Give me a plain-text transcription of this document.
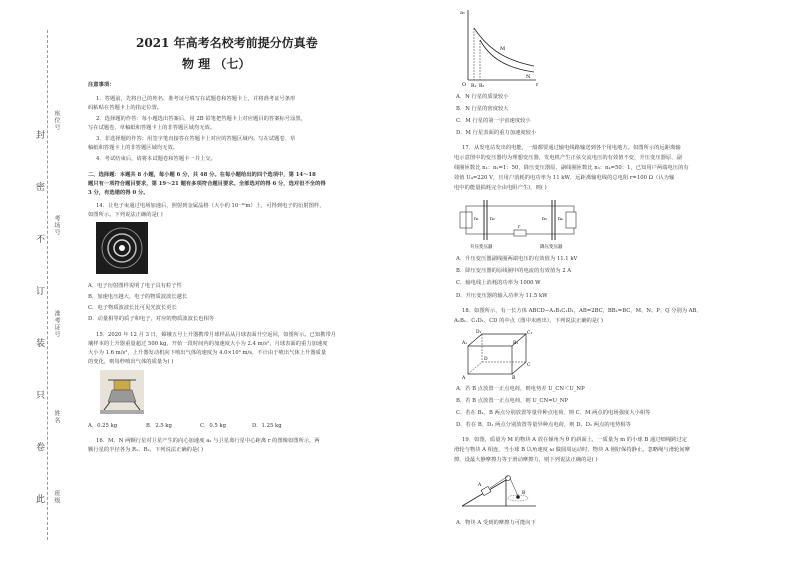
封
密
不
订
装
只
卷
此
座位号
考场号
准考证号
姓名
班级
2021 年高考名校考前提分仿真卷
物 理 （七）
注意事项：
1．答题前，先将自己的姓名、准考证号填写在试题卷和答题卡上，并将准考证号条形
码粘贴在答题卡上的指定位置。
2．选择题的作答：每小题选出答案后，用 2B 铅笔把答题卡上对应题目的答案标号涂黑，
写在试题卷、草稿纸和答题卡上的非答题区域均无效。
3．非选择题的作答：用签字笔直接答在答题卡上对应的答题区域内。写在试题卷、草
稿纸和答题卡上的非答题区域均无效。
4．考试结束后，请将本试题卷和答题卡一并上交。
二、选择题：本题共 8 小题，每小题 6 分，共 48 分。在每小题给出的四个选项中，第 14～18
题只有一项符合题目要求，第 19～21 题有多项符合题目要求。全部选对的得 6 分，选对但不全的得
3 分，有选错的得 0 分。
14．让电子束通过电场加速后，照射到金属晶格（大小约 10⁻¹⁰m）上，可得到电子的衍射图样，
如图所示。下列说法正确的是( )
A．电子衍射图样说明了电子具有粒子性
B．加速电压越大，电子的物质波波长越长
C．电子物质波波长比可见光波长更长
D．动量相等的质子和电子，对应的物质波波长也相等
15．2020 年 12 月 3 日，嫦娥五号上升器携带月球样品从月球表面升空返回，如图所示。已知携带月
壤样本的上升器重量超过 500 kg，开始一段时间内的加速度大小为 2.4 m/s²，月球表面的重力加速度
大小为 1.6 m/s²，上升器发动机向下喷出气体的速度为 4.0×10³ m/s，不计由于喷出气体上升器质量
的变化，则每秒喷出气体的质量为( )
A．0.25 kg	B．2.5 kg	C．0.5 kg	D．1.25 kg
16．M、N 两颗行星对卫星产生的向心加速度 a₁ 与卫星离行星中心距离 r 的图像如图所示，两
颗行星的半径各为 R₁、R₂，下列说法正确的是( )
a₁
r
O R₁ R₂
M
N
A．N 行星的质量较小
B．N 行星的密度较大
C．M 行星的第一宇宙速度较小
D．M 行星表面的重力加速度较小
17．从发电站发出的电能，一般都要通过输电线路输送到各个用电地方。如图所示的远距离输
电示意图中的变压器均为理想变压器，发电机产生正弦交流电压的有效值不变，升压变压器原、副
线圈匝数比 n₁：n₂=1：50，降压变压器原、副线圈匝数比 n₃：n₄=50：1，已知用户两端电压的有
效值 U₄=220 V，且用户消耗的电功率为 11 kW，远距离输电线的总电阻 r=100 Ω（认为输
电中的能量损耗完全由电阻产生)，则( )
n₁	n₂	n₃	n₄
r
升压变压器	降压变压器
A．升压变压器副线圈两端电压的有效值为 11.1 kV
B．降压变压器的原线圈中的电流的有效值为 2 A
C．输电线上消耗的功率为 1000 W
D．升压变压器的输入功率为 11.5 kW
18．如图所示，有一长方体 ABCD−A₁B₁C₁D₁，AB=2BC，BB₁=BC，M、N、P、Q 分别为 AB、
A₁B₁、C₁D₁、CD 的中点（图中未画出），下列说法正确的是( )
A₁	B₁
C₁
D₁
A	B
C
D
A．若 B 点放置一正点电荷，则电势差 U_CN＜U_NP
B．若 B 点放置一正点电荷，则 U_CN=U_NP
C．若在 B₁、B 两点分别放置等量异种点电荷，则 C、M 两点的电场强度大小相等
D．若在 B、D₁ 两点分别放置等量异种点电荷，则 D、D₁ 两点的电势相等
19．如图，质量为 M 的物块 A 放在倾角为 θ 的斜面上，一质量为 m 的小球 B 通过细绳跨过定
滑轮与物块 A 相连，当小球 B 以角速度 ω 做圆周运动时，物块 A 刚好保持静止。忽略绳与滑轮间摩
擦，设最大静摩擦力等于滑动摩擦力，则下列说法正确的是( )
A
B
A．物块 A 受到的摩擦力可能向下
